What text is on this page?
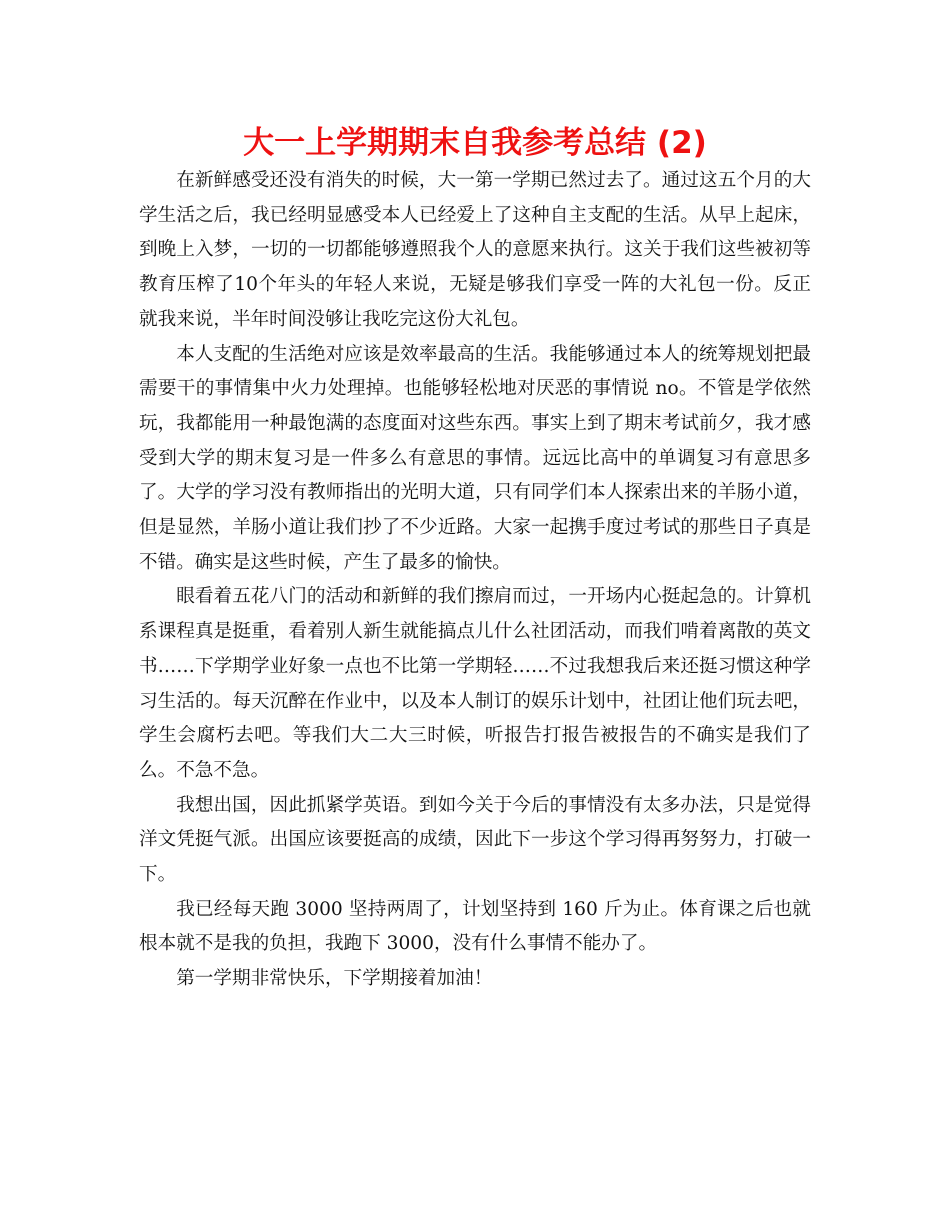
大一上学期期末自我参考总结 (2)

在新鲜感受还没有消失的时候，大一第一学期已然过去了。通过这五个月的大学生活之后，我已经明显感受本人已经爱上了这种自主支配的生活。从早上起床，到晚上入梦，一切的一切都能够遵照我个人的意愿来执行。这关于我们这些被初等教育压榨了10个年头的年轻人来说，无疑是够我们享受一阵的大礼包一份。反正就我来说，半年时间没够让我吃完这份大礼包。

本人支配的生活绝对应该是效率最高的生活。我能够通过本人的统筹规划把最需要干的事情集中火力处理掉。也能够轻松地对厌恶的事情说 no。不管是学依然玩，我都能用一种最饱满的态度面对这些东西。事实上到了期末考试前夕，我才感受到大学的期末复习是一件多么有意思的事情。远远比高中的单调复习有意思多了。大学的学习没有教师指出的光明大道，只有同学们本人探索出来的羊肠小道，但是显然，羊肠小道让我们抄了不少近路。大家一起携手度过考试的那些日子真是不错。确实是这些时候，产生了最多的愉快。

眼看着五花八门的活动和新鲜的我们擦肩而过，一开场内心挺起急的。计算机系课程真是挺重，看着别人新生就能搞点儿什么社团活动，而我们啃着离散的英文书……下学期学业好象一点也不比第一学期轻……不过我想我后来还挺习惯这种学习生活的。每天沉醉在作业中，以及本人制订的娱乐计划中，社团让他们玩去吧，学生会腐朽去吧。等我们大二大三时候，听报告打报告被报告的不确实是我们了么。不急不急。

我想出国，因此抓紧学英语。到如今关于今后的事情没有太多办法，只是觉得洋文凭挺气派。出国应该要挺高的成绩，因此下一步这个学习得再努努力，打破一下。

我已经每天跑 3000 坚持两周了，计划坚持到 160 斤为止。体育课之后也就根本就不是我的负担，我跑下 3000，没有什么事情不能办了。

第一学期非常快乐，下学期接着加油！
